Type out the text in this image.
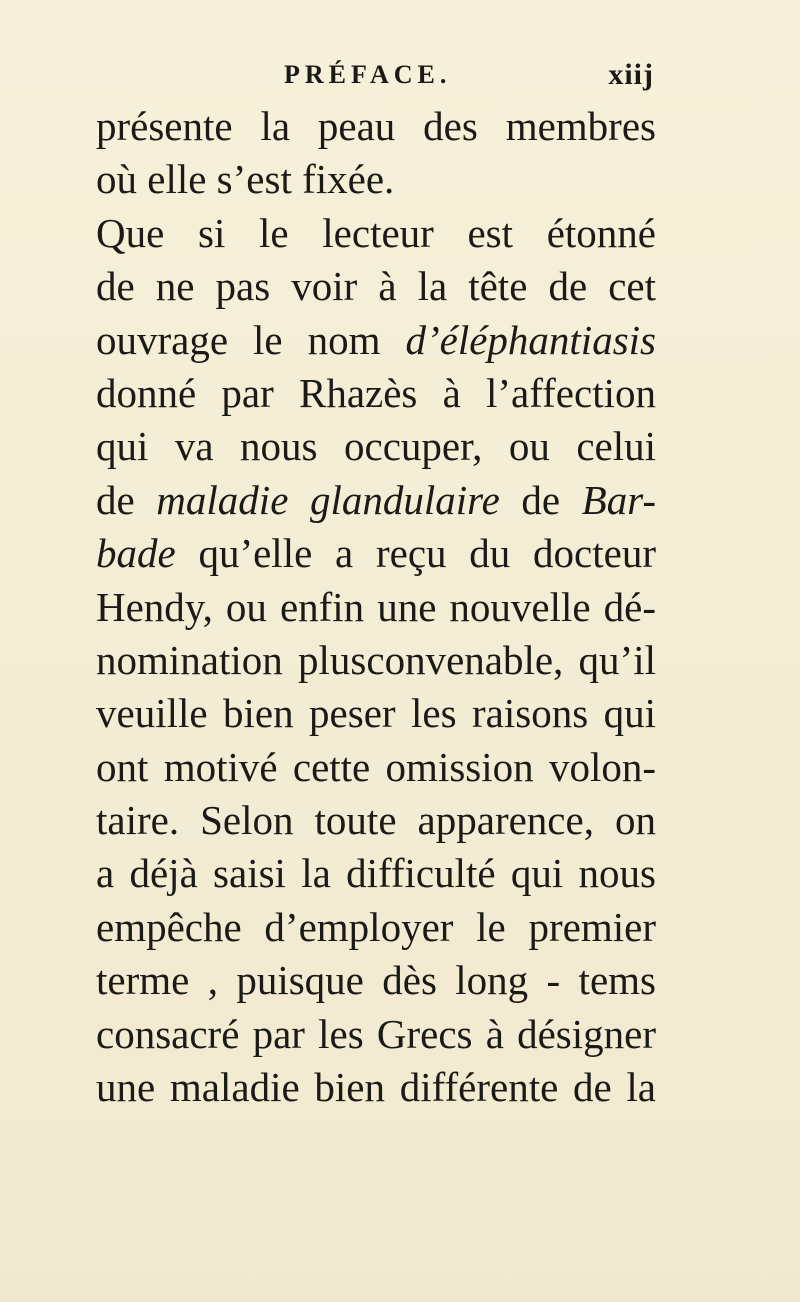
PRÉFACE.	xiij
présente la peau des membres
où elle s’est fixée.
Que si le lecteur est étonné
de ne pas voir à la tête de cet
ouvrage le nom d’éléphantiasis
donné par Rhazès à l’affection
qui va nous occuper, ou celui
de maladie glandulaire de Bar-
bade qu’elle a reçu du docteur
Hendy, ou enfin une nouvelle dé-
nomination plusconvenable, qu’il
veuille bien peser les raisons qui
ont motivé cette omission volon-
taire. Selon toute apparence, on
a déjà saisi la difficulté qui nous
empêche d’employer le premier
terme , puisque dès long - tems
consacré par les Grecs à désigner
une maladie bien différente de la
